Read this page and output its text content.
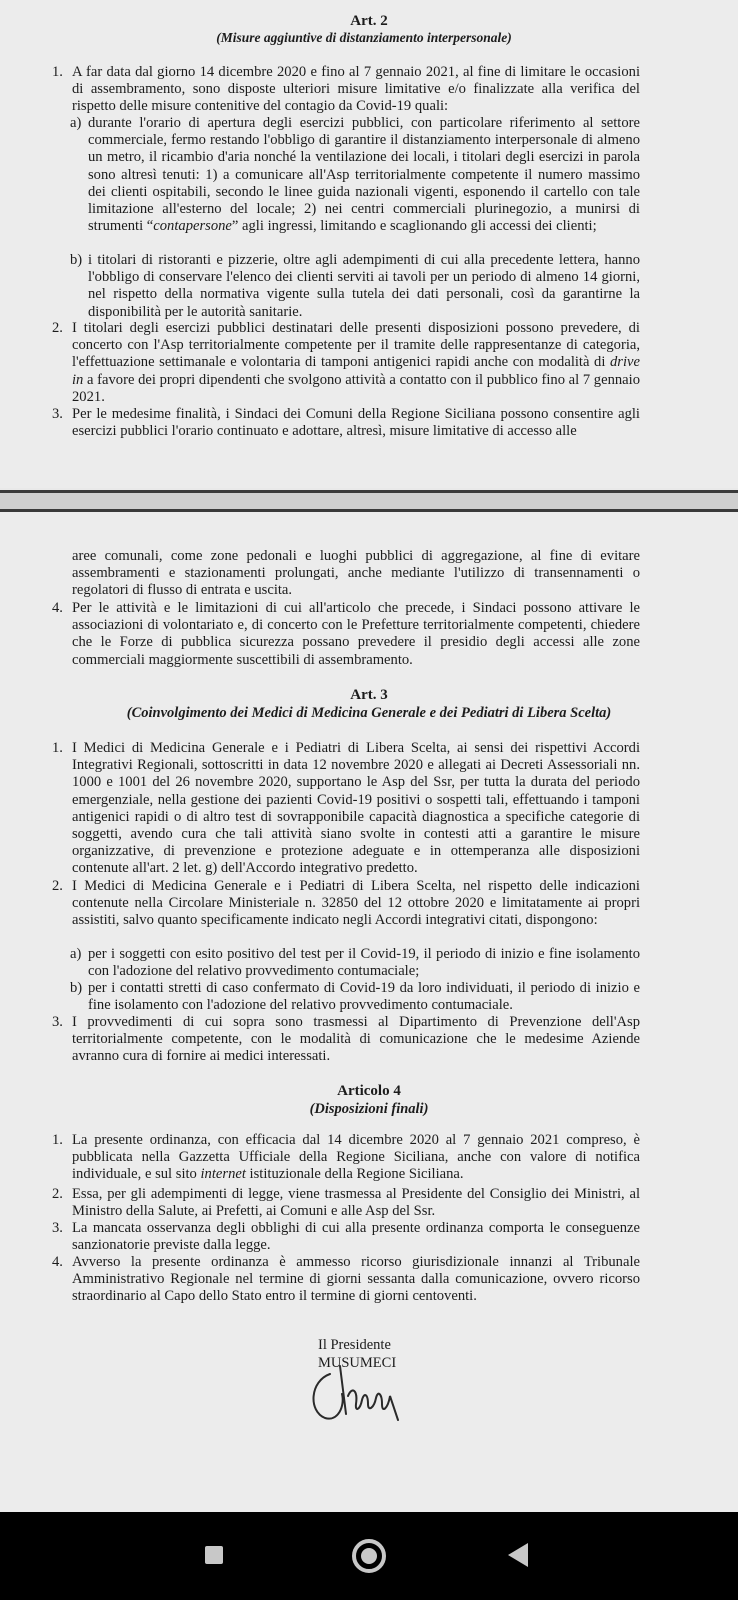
Art. 2
(Misure aggiuntive di distanziamento interpersonale)
1. A far data dal giorno 14 dicembre 2020 e fino al 7 gennaio 2021, al fine di limitare le occasioni di assembramento, sono disposte ulteriori misure limitative e/o finalizzate alla verifica del rispetto delle misure contenitive del contagio da Covid-19 quali:
a) durante l'orario di apertura degli esercizi pubblici, con particolare riferimento al settore commerciale, fermo restando l'obbligo di garantire il distanziamento interpersonale di almeno un metro, il ricambio d'aria nonché la ventilazione dei locali, i titolari degli esercizi in parola sono altresì tenuti: 1) a comunicare all'Asp territorialmente competente il numero massimo dei clienti ospitabili, secondo le linee guida nazionali vigenti, esponendo il cartello con tale limitazione all'esterno del locale; 2) nei centri commerciali plurinegozio, a munirsi di strumenti “contapersone” agli ingressi, limitando e scaglionando gli accessi dei clienti;
b) i titolari di ristoranti e pizzerie, oltre agli adempimenti di cui alla precedente lettera, hanno l'obbligo di conservare l'elenco dei clienti serviti ai tavoli per un periodo di almeno 14 giorni, nel rispetto della normativa vigente sulla tutela dei dati personali, così da garantirne la disponibilità per le autorità sanitarie.
2. I titolari degli esercizi pubblici destinatari delle presenti disposizioni possono prevedere, di concerto con l'Asp territorialmente competente per il tramite delle rappresentanze di categoria, l'effettuazione settimanale e volontaria di tamponi antigenici rapidi anche con modalità di drive in a favore dei propri dipendenti che svolgono attività a contatto con il pubblico fino al 7 gennaio 2021.
3. Per le medesime finalità, i Sindaci dei Comuni della Regione Siciliana possono consentire agli esercizi pubblici l'orario continuato e adottare, altresì, misure limitative di accesso alle
aree comunali, come zone pedonali e luoghi pubblici di aggregazione, al fine di evitare assembramenti e stazionamenti prolungati, anche mediante l'utilizzo di transennamenti o regolatori di flusso di entrata e uscita.
4. Per le attività e le limitazioni di cui all'articolo che precede, i Sindaci possono attivare le associazioni di volontariato e, di concerto con le Prefetture territorialmente competenti, chiedere che le Forze di pubblica sicurezza possano prevedere il presidio degli accessi alle zone commerciali maggiormente suscettibili di assembramento.
Art. 3
(Coinvolgimento dei Medici di Medicina Generale e dei Pediatri di Libera Scelta)
1. I Medici di Medicina Generale e i Pediatri di Libera Scelta, ai sensi dei rispettivi Accordi Integrativi Regionali, sottoscritti in data 12 novembre 2020 e allegati ai Decreti Assessoriali nn. 1000 e 1001 del 26 novembre 2020, supportano le Asp del Ssr, per tutta la durata del periodo emergenziale, nella gestione dei pazienti Covid-19 positivi o sospetti tali, effettuando i tamponi antigenici rapidi o di altro test di sovrapponibile capacità diagnostica a specifiche categorie di soggetti, avendo cura che tali attività siano svolte in contesti atti a garantire le misure organizzative, di prevenzione e protezione adeguate e in ottemperanza alle disposizioni contenute all'art. 2 let. g) dell'Accordo integrativo predetto.
2. I Medici di Medicina Generale e i Pediatri di Libera Scelta, nel rispetto delle indicazioni contenute nella Circolare Ministeriale n. 32850 del 12 ottobre 2020 e limitatamente ai propri assistiti, salvo quanto specificamente indicato negli Accordi integrativi citati, dispongono:
a) per i soggetti con esito positivo del test per il Covid-19, il periodo di inizio e fine isolamento con l'adozione del relativo provvedimento contumaciale;
b) per i contatti stretti di caso confermato di Covid-19 da loro individuati, il periodo di inizio e fine isolamento con l'adozione del relativo provvedimento contumaciale.
3. I provvedimenti di cui sopra sono trasmessi al Dipartimento di Prevenzione dell'Asp territorialmente competente, con le modalità di comunicazione che le medesime Aziende avranno cura di fornire ai medici interessati.
Articolo 4
(Disposizioni finali)
1. La presente ordinanza, con efficacia dal 14 dicembre 2020 al 7 gennaio 2021 compreso, è pubblicata nella Gazzetta Ufficiale della Regione Siciliana, anche con valore di notifica individuale, e sul sito internet istituzionale della Regione Siciliana.
2. Essa, per gli adempimenti di legge, viene trasmessa al Presidente del Consiglio dei Ministri, al Ministro della Salute, ai Prefetti, ai Comuni e alle Asp del Ssr.
3. La mancata osservanza degli obblighi di cui alla presente ordinanza comporta le conseguenze sanzionatorie previste dalla legge.
4. Avverso la presente ordinanza è ammesso ricorso giurisdizionale innanzi al Tribunale Amministrativo Regionale nel termine di giorni sessanta dalla comunicazione, ovvero ricorso straordinario al Capo dello Stato entro il termine di giorni centoventi.
Il Presidente
MUSUMECI
